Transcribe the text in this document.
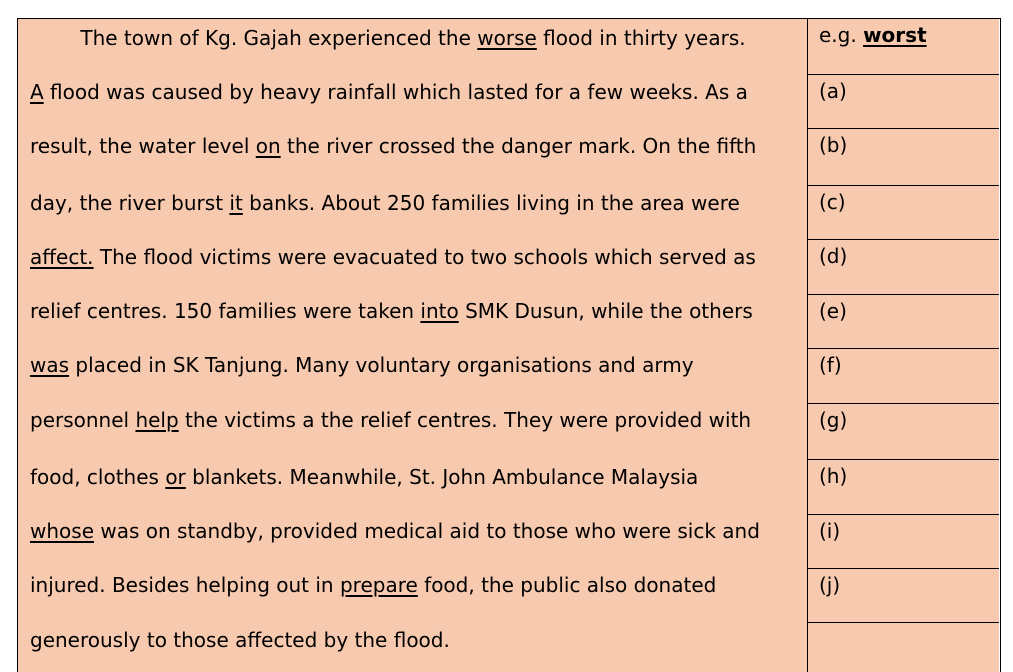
The town of Kg. Gajah experienced the worse flood in thirty years.
A flood was caused by heavy rainfall which lasted for a few weeks. As a
result, the water level on the river crossed the danger mark. On the fifth
day, the river burst it banks. About 250 families living in the area were
affect. The flood victims were evacuated to two schools which served as
relief centres. 150 families were taken into SMK Dusun, while the others
was placed in SK Tanjung. Many voluntary organisations and army
personnel help the victims a the relief centres. They were provided with
food, clothes or blankets. Meanwhile, St. John Ambulance Malaysia
whose was on standby, provided medical aid to those who were sick and
injured. Besides helping out in prepare food, the public also donated
generously to those affected by the flood.
e.g. worst
(a)
(b)
(c)
(d)
(e)
(f)
(g)
(h)
(i)
(j)
